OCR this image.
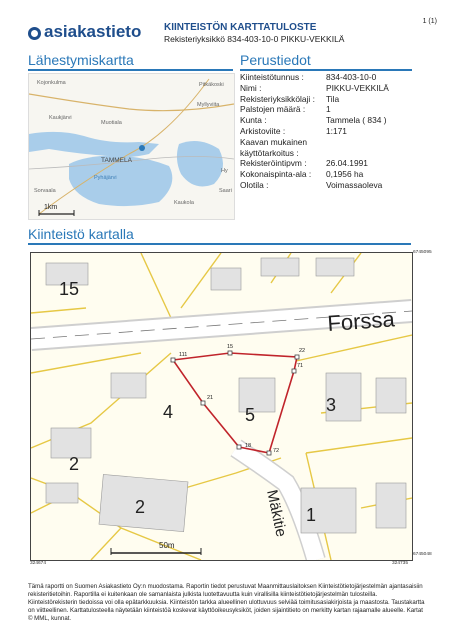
asiakastieto KIINTEISTÖN KARTTATULOSTE
Rekisteriyksikkö 834-403-10-0 PIKKU-VEKKILÄ
1 (1)
Lähestymiskartta	Perustiedot
Kojonkulma	Pitkäkoski
Kaukjärvi
Muotiala
Myllyviita
TAMMELA
Pyhäjärvi
Sorvaala
Kaukola
Saari
Hy
1km
Kiinteistötunnus :	834-403-10-0
Nimi :	PIKKU-VEKKILÄ
Rekisteriyksikkölaji :	Tila
Palstojen määrä :	1
Kunta :	Tammela ( 834 )
Arkistoviite :	1:171
Kaavan mukainen
käyttötarkoitus :
Rekisteröintipvm :	26.04.1991
Kokonaispinta-ala :	0,1956 ha
Olotila :	Voimassaoleva
Kiinteistö kartalla
Forssa
Mäkitie
15
4	5	3
2
2	1
111
15
22
71
21
18
72
50m
6745095
6745048
324674	324735
Tämä raportti on Suomen Asiakastieto Oy:n muodostama. Raportin tiedot perustuvat Maanmittauslaitoksen Kiinteistötietojärjestelmän ajantasaisiin rekisteritietoihin. Raportilla ei kuitenkaan ole samanlaista julkista luotettavuutta kuin virallisilla kiinteistötietojärjestelmän tulosteilla. Kiinteistörekisterin tiedoissa voi olla epätarkkuuksia. Kiinteistön tarkka alueellinen ulottuvuus selviää toimitusasiakirjoista ja maastosta. Taustakartta on viitteellinen. Karttatulosteella näytetään kiinteistöä koskevat käyttöoikeusyksiköt, joiden sijaintitieto on merkitty kartan rajaamalle alueelle. Kartat © MML, kunnat.
